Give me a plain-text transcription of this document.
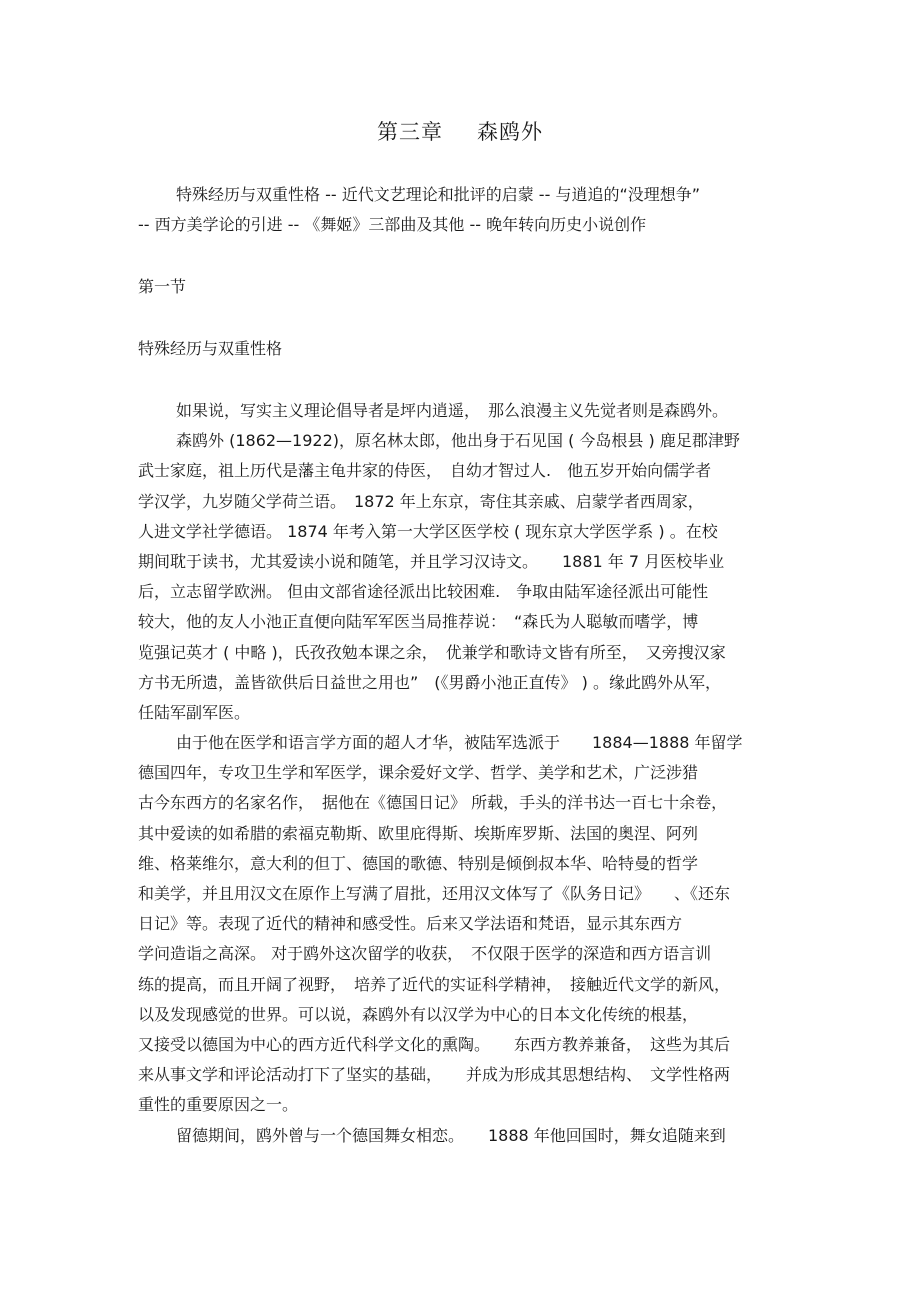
第三章 森鸥外
特殊经历与双重性格 -- 近代文艺理论和批评的启蒙 -- 与逍追的“没理想争”
-- 西方美学论的引进 -- 《舞姬》三部曲及其他 -- 晚年转向历史小说创作
第一节
特殊经历与双重性格
如果说，写实主义理论倡导者是坪内逍遥，　那么浪漫主义先觉者则是森鸥外。
森鸥外 (1862—1922)，原名林太郎，他出身于石见国 ( 今岛根县 ) 鹿足郡津野
武士家庭，祖上历代是藩主龟井家的侍医，　自幼才智过人.　他五岁开始向儒学者
学汉学，九岁随父学荷兰语。　1872 年上东京，寄住其亲戚、启蒙学者西周家，
人进文学社学德语。 1874 年考入第一大学区医学校 ( 现东京大学医学系 ) 。在校
期间耽于读书，尤其爱读小说和随笔，并且学习汉诗文。　　1881 年 7 月医校毕业
后，立志留学欧洲。 但由文部省途径派出比较困难.　争取由陆军途径派出可能性
较大，他的友人小池正直便向陆军军医当局推荐说：　“森氏为人聪敏而嗜学，博
览强记英才 ( 中略 )，氏孜孜勉本课之余，　优兼学和歌诗文皆有所至，　又旁搜汉家
方书无所遗，盖皆欲供后日益世之用也”　(《男爵小池正直传》 ) 。缘此鸥外从军，
任陆军副军医。
由于他在医学和语言学方面的超人才华，被陆军选派于　　1884—1888 年留学
德国四年，专攻卫生学和军医学，课余爱好文学、哲学、美学和艺术，广泛涉猎
古今东西方的名家名作，　据他在《德国日记》 所载，手头的洋书达一百七十余卷，
其中爱读的如希腊的索福克勒斯、欧里庇得斯、埃斯库罗斯、法国的奥涅、阿列
维、格莱维尔，意大利的但丁、德国的歌德、特别是倾倒叔本华、哈特曼的哲学
和美学，并且用汉文在原作上写满了眉批，还用汉文体写了《队务日记》　　、《还东
日记》等。表现了近代的精神和感受性。后来又学法语和梵语，显示其东西方
学问造诣之高深。 对于鸥外这次留学的收获，　不仅限于医学的深造和西方语言训
练的提高，而且开阔了视野，　培养了近代的实证科学精神，　接触近代文学的新风，
以及发现感觉的世界。可以说，森鸥外有以汉学为中心的日本文化传统的根基，
又接受以德国为中心的西方近代科学文化的熏陶。　　东西方教养兼备，　这些为其后
来从事文学和评论活动打下了坚实的基础，　　并成为形成其思想结构、　文学性格两
重性的重要原因之一。
留德期间，鸥外曾与一个德国舞女相恋。　　1888 年他回国时，舞女追随来到
